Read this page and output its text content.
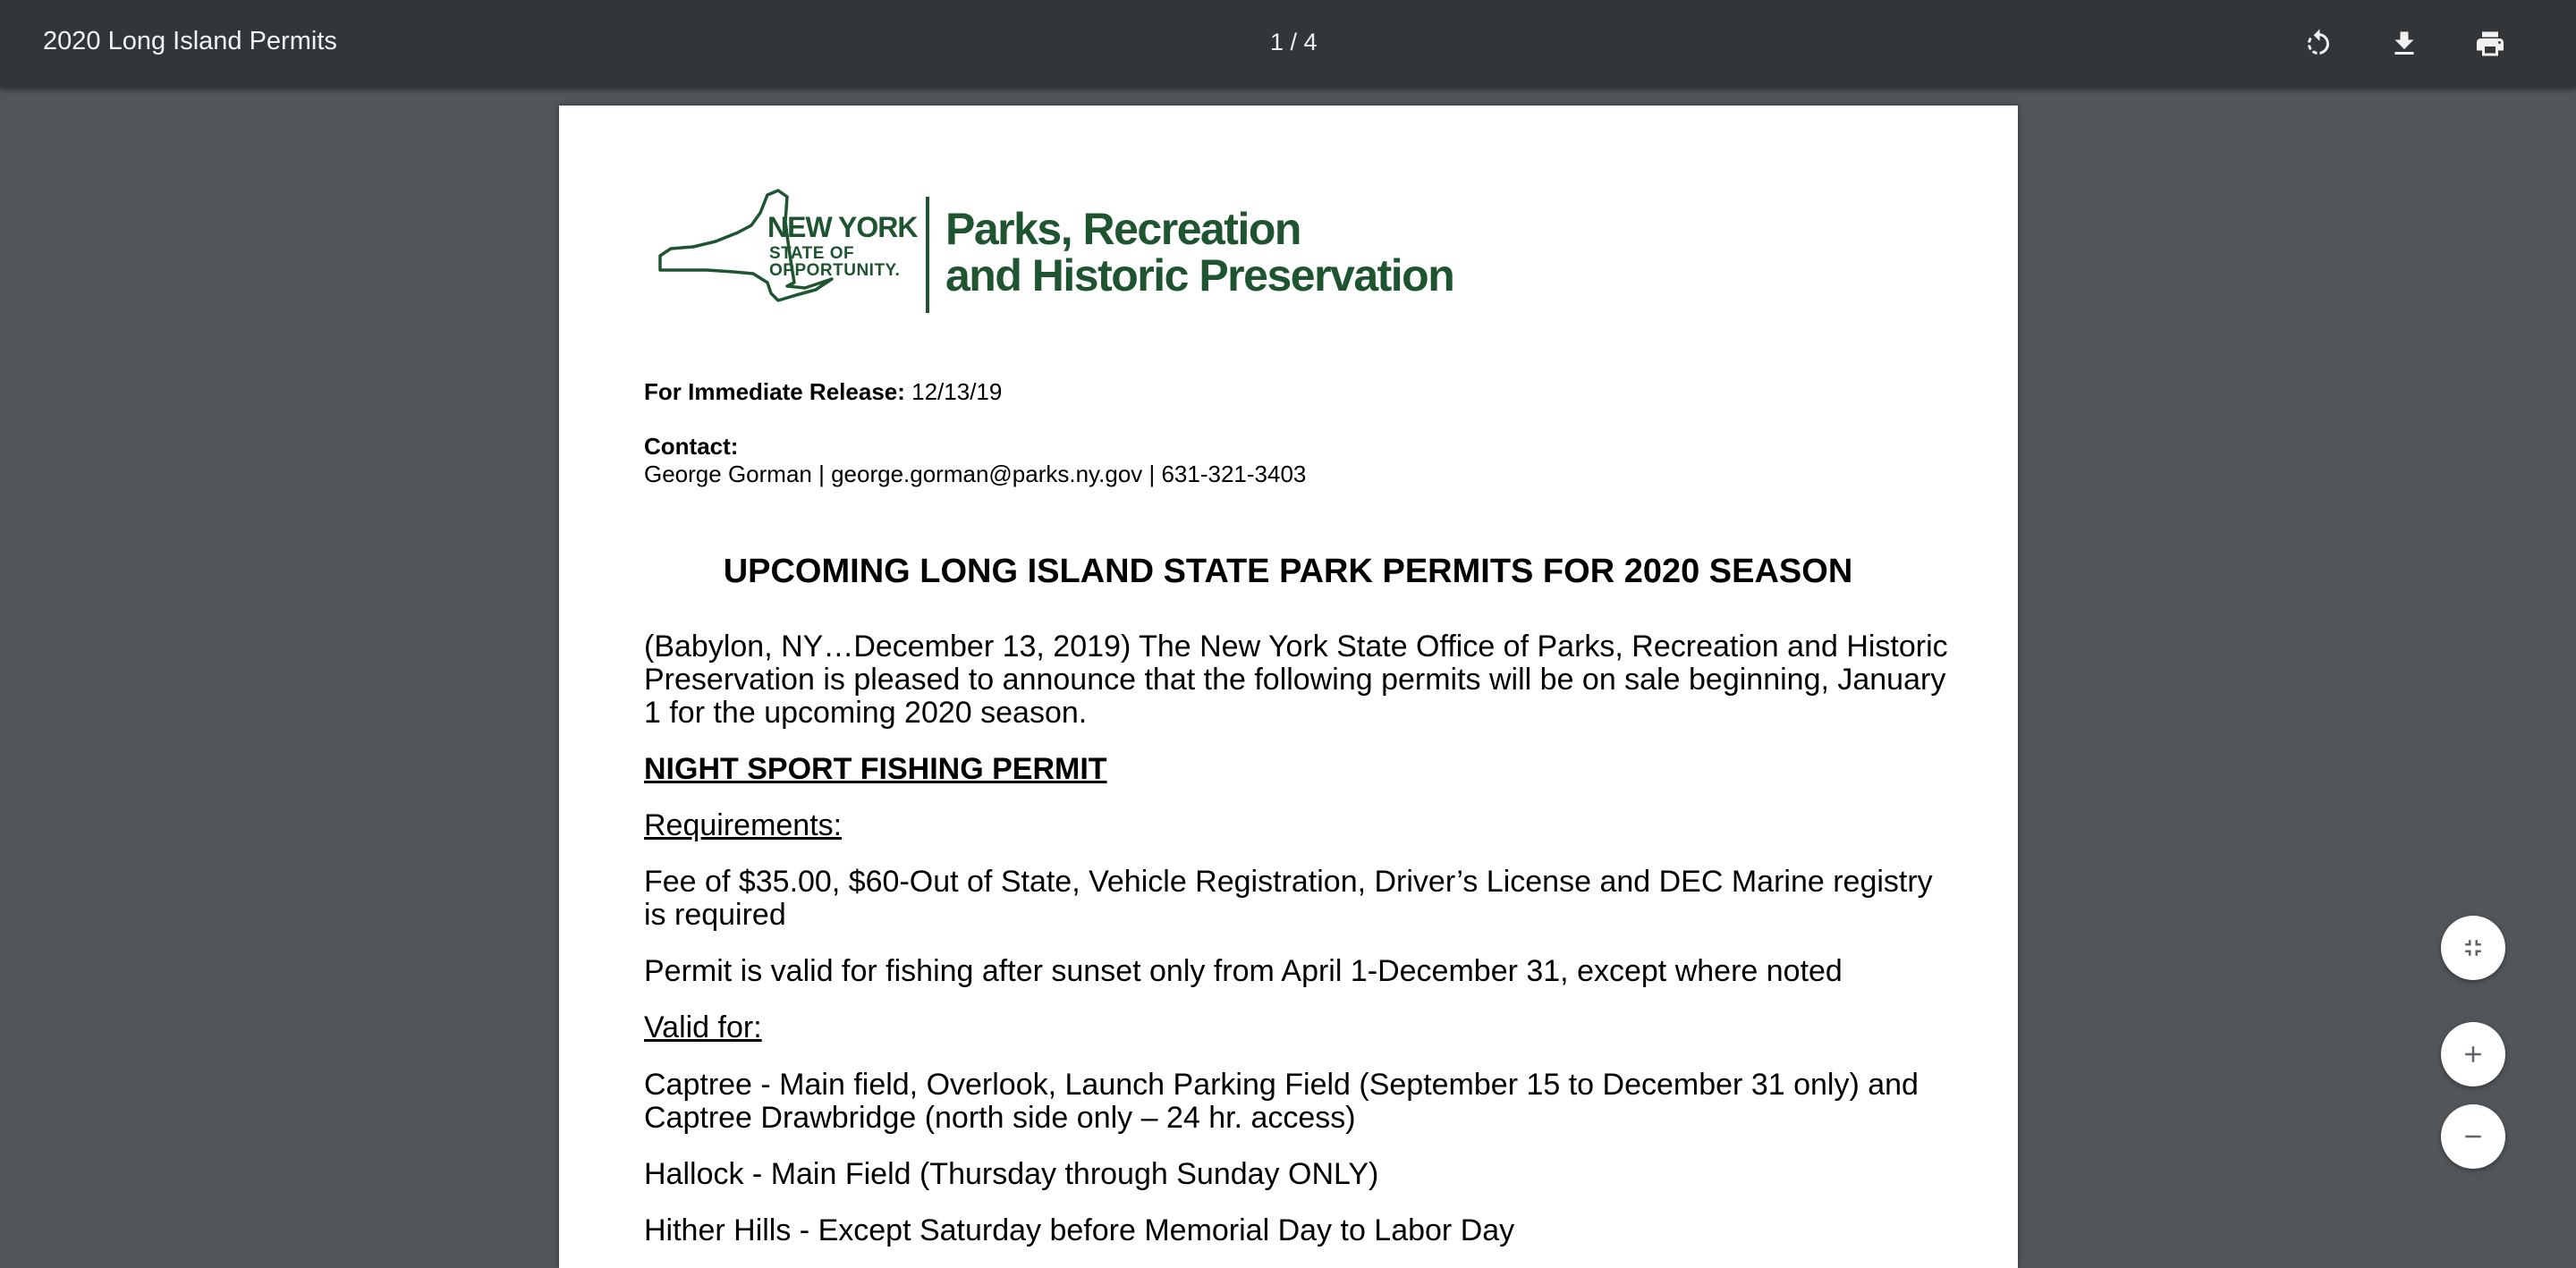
2020 Long Island Permits	1 / 4
NEW YORK
STATE OF
OPPORTUNITY.
Parks, Recreation
and Historic Preservation
For Immediate Release: 12/13/19
Contact:
George Gorman | george.gorman@parks.ny.gov | 631-321-3403
UPCOMING LONG ISLAND STATE PARK PERMITS FOR 2020 SEASON
(Babylon, NY…December 13, 2019) The New York State Office of Parks, Recreation and Historic Preservation is pleased to announce that the following permits will be on sale beginning, January 1 for the upcoming 2020 season.
NIGHT SPORT FISHING PERMIT
Requirements:
Fee of $35.00, $60-Out of State, Vehicle Registration, Driver’s License and DEC Marine registry is required
Permit is valid for fishing after sunset only from April 1-December 31, except where noted
Valid for:
Captree - Main field, Overlook, Launch Parking Field (September 15 to December 31 only) and Captree Drawbridge (north side only – 24 hr. access)
Hallock - Main Field (Thursday through Sunday ONLY)
Hither Hills - Except Saturday before Memorial Day to Labor Day
